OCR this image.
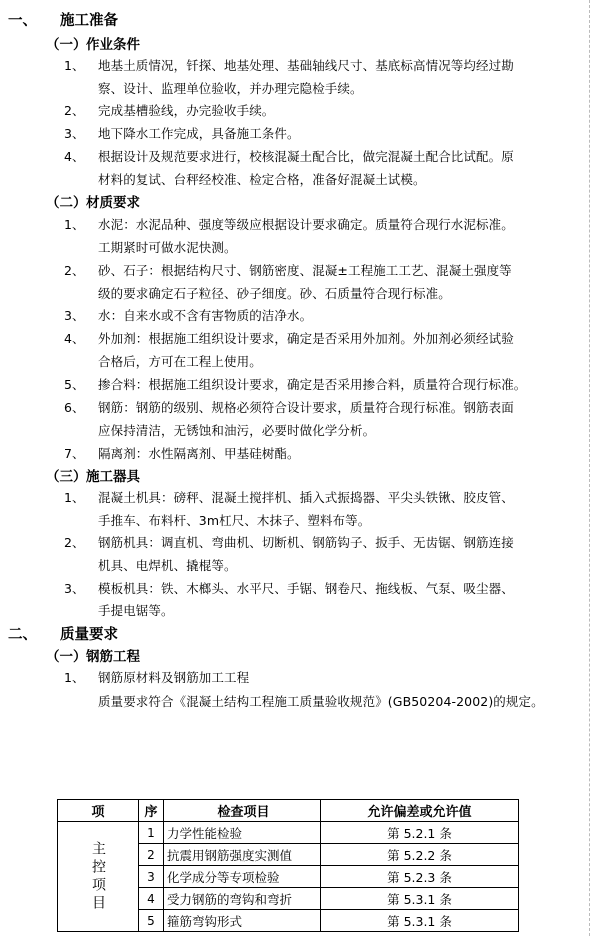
一、 施工准备
（一）作业条件
1、 地基土质情况，钎探、地基处理、基础轴线尺寸、基底标高情况等均经过勘
察、设计、监理单位验收，并办理完隐检手续。
2、 完成基槽验线，办完验收手续。
3、 地下降水工作完成，具备施工条件。
4、 根据设计及规范要求进行，校核混凝土配合比，做完混凝土配合比试配。原
材料的复试、台秤经校准、检定合格，准备好混凝土试模。
（二）材质要求
1、 水泥：水泥品种、强度等级应根据设计要求确定。质量符合现行水泥标准。
工期紧时可做水泥快测。
2、 砂、石子：根据结构尺寸、钢筋密度、混凝±工程施工工艺、混凝土强度等
级的要求确定石子粒径、砂子细度。砂、石质量符合现行标准。
3、 水：自来水或不含有害物质的洁净水。
4、 外加剂：根据施工组织设计要求，确定是否采用外加剂。外加剂必须经试验
合格后，方可在工程上使用。
5、 掺合料：根据施工组织设计要求，确定是否采用掺合料，质量符合现行标准。
6、 钢筋：钢筋的级别、规格必须符合设计要求，质量符合现行标准。钢筋表面
应保持清洁，无锈蚀和油污，必要时做化学分析。
7、 隔离剂：水性隔离剂、甲基硅树酯。
（三）施工器具
1、 混凝土机具：磅秤、混凝土搅拌机、插入式振捣器、平尖头铁锹、胶皮管、
手推车、布料杆、3m杠尺、木抹子、塑料布等。
2、 钢筋机具：调直机、弯曲机、切断机、钢筋钩子、扳手、无齿锯、钢筋连接
机具、电焊机、撬棍等。
3、 模板机具：铁、木榔头、水平尺、手锯、钢卷尺、拖线板、气泵、吸尘器、
手提电锯等。
二、 质量要求
（一）钢筋工程
1、 钢筋原材料及钢筋加工工程
质量要求符合《混凝土结构工程施工质量验收规范》(GB50204-2002)的规定。
项	序	检查项目	允许偏差或允许值

主控项目	1	力学性能检验	第 5.2.1 条
	2	抗震用钢筋强度实测值	第 5.2.2 条
	3	化学成分等专项检验	第 5.2.3 条
	4	受力钢筋的弯钩和弯折	第 5.3.1 条
	5	箍筋弯钩形式	第 5.3.1 条
